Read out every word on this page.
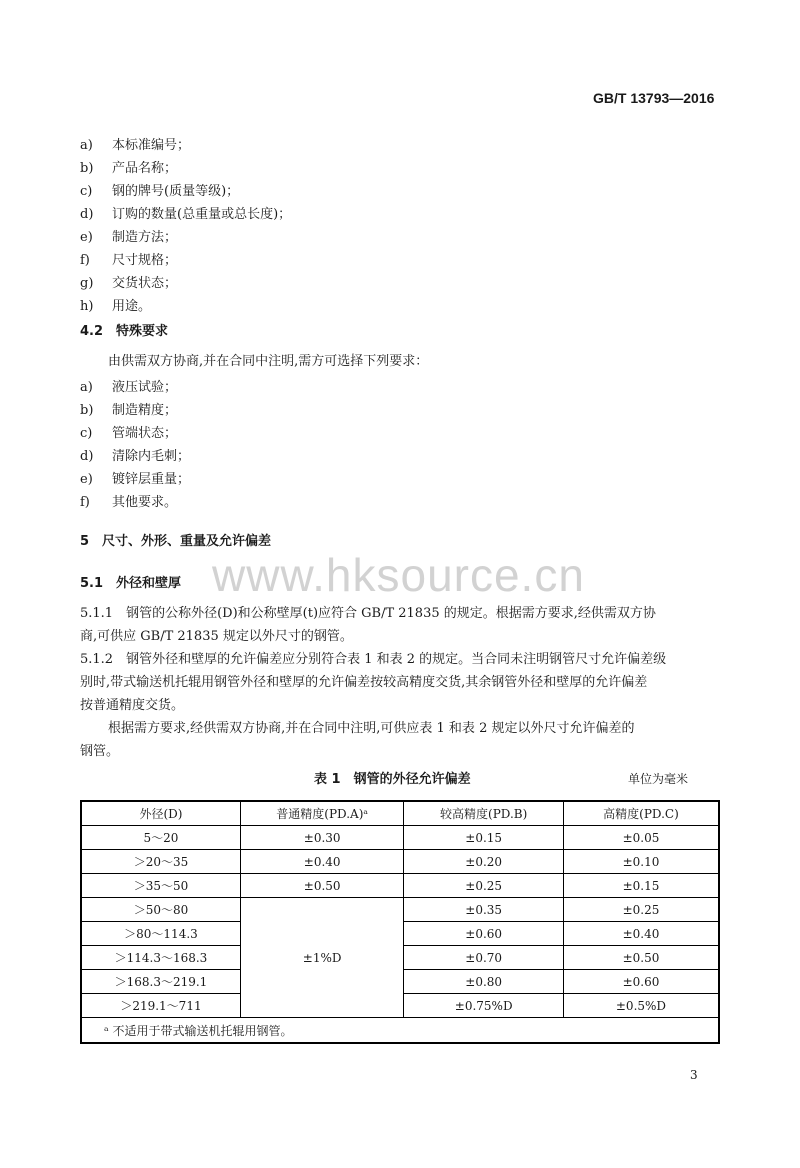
GB/T 13793—2016
a) 本标准编号；
b) 产品名称；
c) 钢的牌号(质量等级)；
d) 订购的数量(总重量或总长度)；
e) 制造方法；
f) 尺寸规格；
g) 交货状态；
h) 用途。
4.2　特殊要求
由供需双方协商,并在合同中注明,需方可选择下列要求：
a) 液压试验；
b) 制造精度；
c) 管端状态；
d) 清除内毛刺；
e) 镀锌层重量；
f) 其他要求。
5　尺寸、外形、重量及允许偏差
www.hksource.cn
5.1　外径和壁厚
5.1.1　钢管的公称外径(D)和公称壁厚(t)应符合 GB/T 21835 的规定。根据需方要求,经供需双方协
商,可供应 GB/T 21835 规定以外尺寸的钢管。
5.1.2　钢管外径和壁厚的允许偏差应分别符合表 1 和表 2 的规定。当合同未注明钢管尺寸允许偏差级
别时,带式输送机托辊用钢管外径和壁厚的允许偏差按较高精度交货,其余钢管外径和壁厚的允许偏差
按普通精度交货。
根据需方要求,经供需双方协商,并在合同中注明,可供应表 1 和表 2 规定以外尺寸允许偏差的
钢管。
表 1　钢管的外径允许偏差	单位为毫米
外径(D)	普通精度(PD.A)ᵃ	较高精度(PD.B)	高精度(PD.C)
5～20	±0.30	±0.15	±0.05
＞20～35	±0.40	±0.20	±0.10
＞35～50	±0.50	±0.25	±0.15
＞50～80	±1%D	±0.35	±0.25
＞80～114.3		±0.60	±0.40
＞114.3～168.3		±0.70	±0.50
＞168.3～219.1		±0.80	±0.60
＞219.1～711		±0.75%D	±0.5%D
ᵃ 不适用于带式输送机托辊用钢管。			
3
